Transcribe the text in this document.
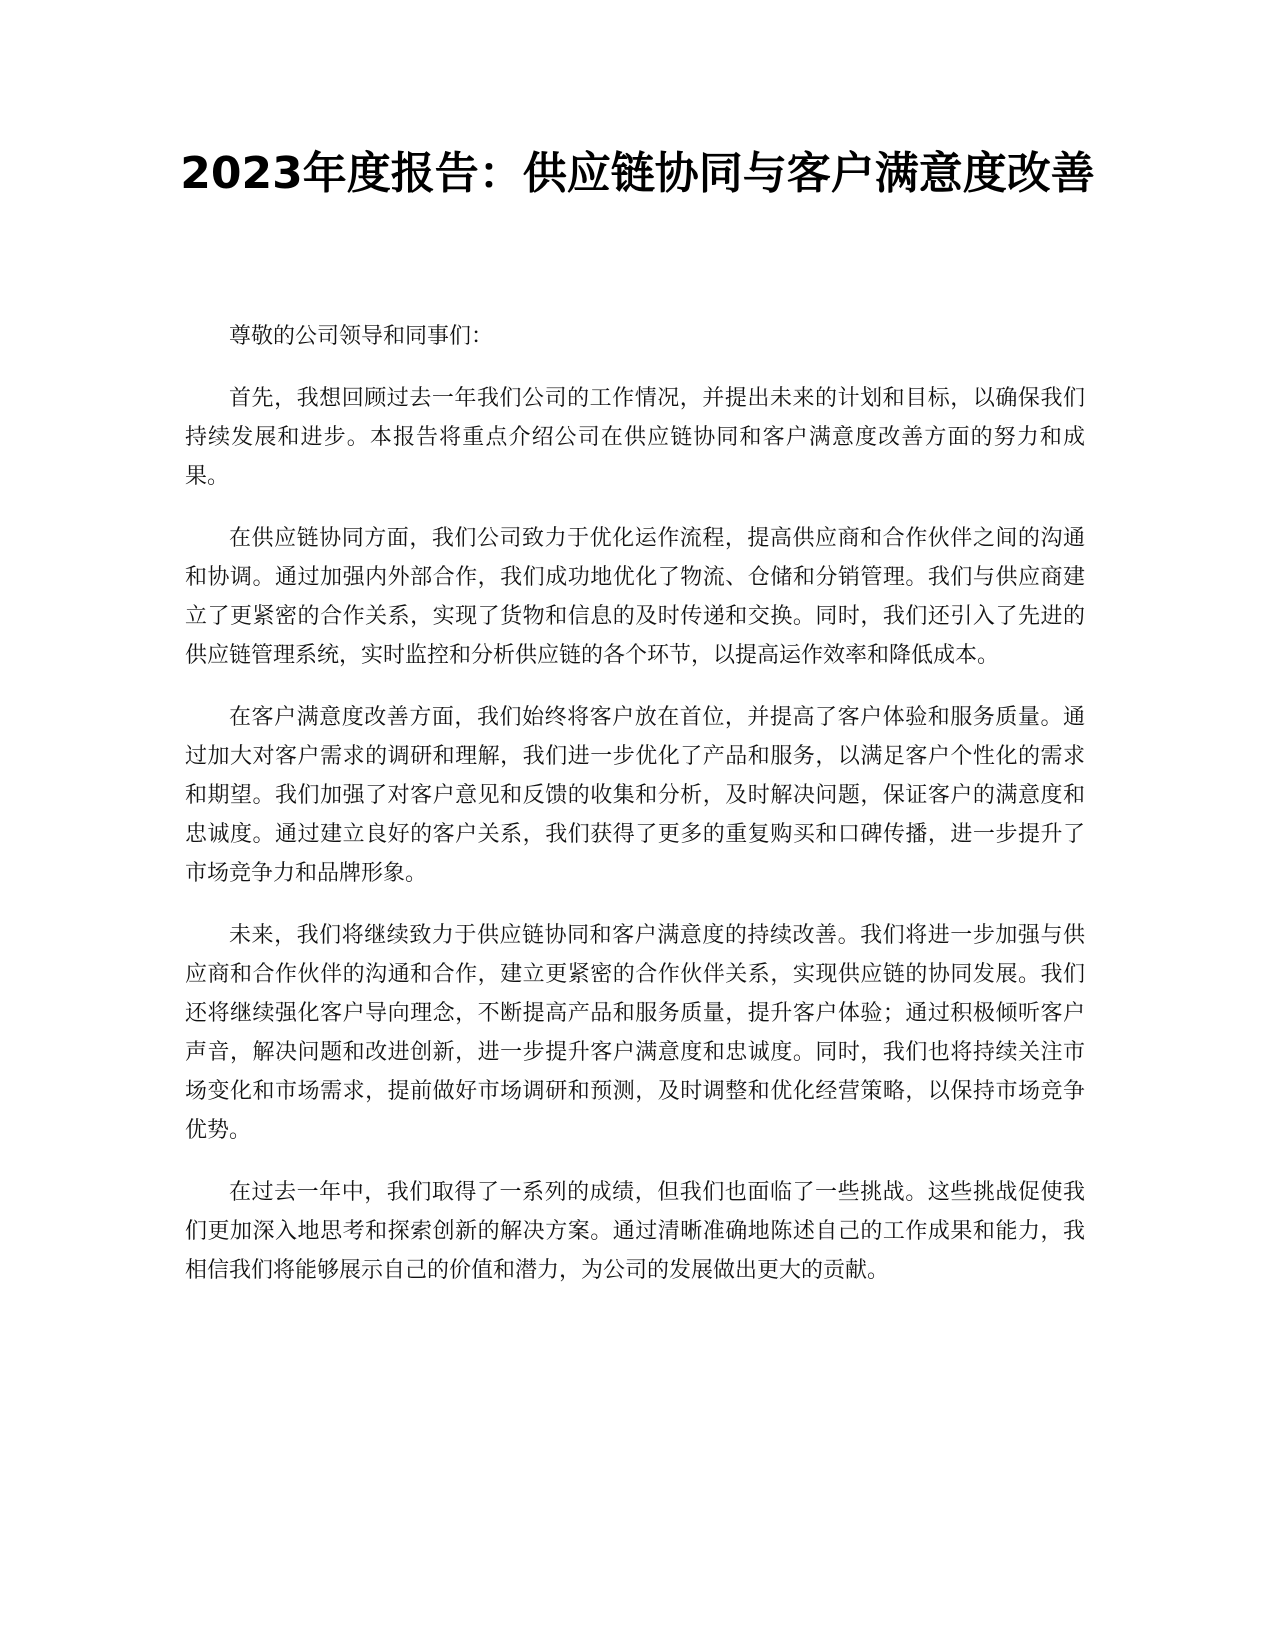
2023年度报告：供应链协同与客户满意度改善

尊敬的公司领导和同事们：

首先，我想回顾过去一年我们公司的工作情况，并提出未来的计划和目标，以确保我们持续发展和进步。本报告将重点介绍公司在供应链协同和客户满意度改善方面的努力和成果。

在供应链协同方面，我们公司致力于优化运作流程，提高供应商和合作伙伴之间的沟通和协调。通过加强内外部合作，我们成功地优化了物流、仓储和分销管理。我们与供应商建立了更紧密的合作关系，实现了货物和信息的及时传递和交换。同时，我们还引入了先进的供应链管理系统，实时监控和分析供应链的各个环节，以提高运作效率和降低成本。

在客户满意度改善方面，我们始终将客户放在首位，并提高了客户体验和服务质量。通过加大对客户需求的调研和理解，我们进一步优化了产品和服务，以满足客户个性化的需求和期望。我们加强了对客户意见和反馈的收集和分析，及时解决问题，保证客户的满意度和忠诚度。通过建立良好的客户关系，我们获得了更多的重复购买和口碑传播，进一步提升了市场竞争力和品牌形象。

未来，我们将继续致力于供应链协同和客户满意度的持续改善。我们将进一步加强与供应商和合作伙伴的沟通和合作，建立更紧密的合作伙伴关系，实现供应链的协同发展。我们还将继续强化客户导向理念，不断提高产品和服务质量，提升客户体验；通过积极倾听客户声音，解决问题和改进创新，进一步提升客户满意度和忠诚度。同时，我们也将持续关注市场变化和市场需求，提前做好市场调研和预测，及时调整和优化经营策略，以保持市场竞争优势。

在过去一年中，我们取得了一系列的成绩，但我们也面临了一些挑战。这些挑战促使我们更加深入地思考和探索创新的解决方案。通过清晰准确地陈述自己的工作成果和能力，我相信我们将能够展示自己的价值和潜力，为公司的发展做出更大的贡献。
